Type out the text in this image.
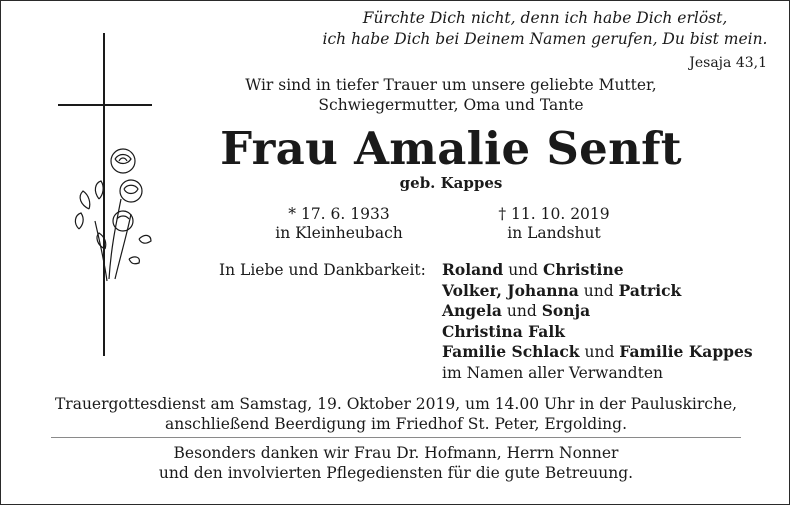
Fürchte Dich nicht, denn ich habe Dich erlöst,
ich habe Dich bei Deinem Namen gerufen, Du bist mein.
Jesaja 43,1
Wir sind in tiefer Trauer um unsere geliebte Mutter,
Schwiegermutter, Oma und Tante
Frau Amalie Senft
geb. Kappes
* 17. 6. 1933
in Kleinheubach
† 11. 10. 2019
in Landshut
In Liebe und Dankbarkeit: Roland und Christine
Volker, Johanna und Patrick
Angela und Sonja
Christina Falk
Familie Schlack und Familie Kappes
im Namen aller Verwandten
Trauergottesdienst am Samstag, 19. Oktober 2019, um 14.00 Uhr in der Pauluskirche,
anschließend Beerdigung im Friedhof St. Peter, Ergolding.
Besonders danken wir Frau Dr. Hofmann, Herrn Nonner
und den involvierten Pflegediensten für die gute Betreuung.
